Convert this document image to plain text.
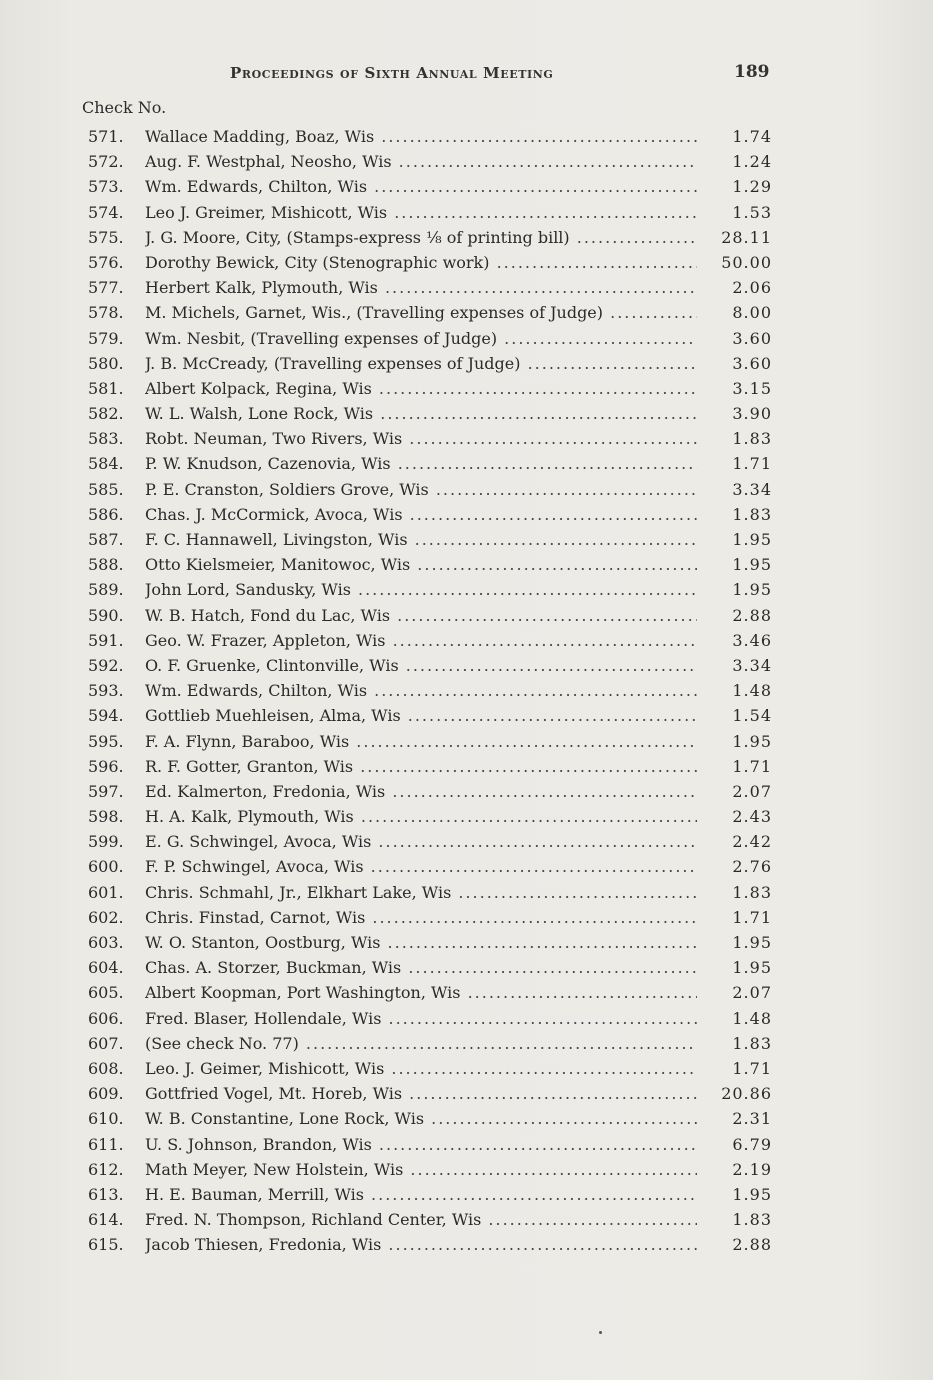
Proceedings of Sixth Annual Meeting	189
Check No.
571.	Wallace Madding, Boaz, Wis .....	1.74
572.	Aug. F. Westphal, Neosho, Wis .....	1.24
573.	Wm. Edwards, Chilton, Wis .....	1.29
574.	Leo J. Greimer, Mishicott, Wis .....	1.53
575.	J. G. Moore, City, (Stamps-express ⅛ of printing bill) .....	28.11
576.	Dorothy Bewick, City (Stenographic work) .....	50.00
577.	Herbert Kalk, Plymouth, Wis .....	2.06
578.	M. Michels, Garnet, Wis., (Travelling expenses of Judge) .....	8.00
579.	Wm. Nesbit, (Travelling expenses of Judge) .....	3.60
580.	J. B. McCready, (Travelling expenses of Judge) .....	3.60
581.	Albert Kolpack, Regina, Wis .....	3.15
582.	W. L. Walsh, Lone Rock, Wis .....	3.90
583.	Robt. Neuman, Two Rivers, Wis .....	1.83
584.	P. W. Knudson, Cazenovia, Wis .....	1.71
585.	P. E. Cranston, Soldiers Grove, Wis .....	3.34
586.	Chas. J. McCormick, Avoca, Wis .....	1.83
587.	F. C. Hannawell, Livingston, Wis .....	1.95
588.	Otto Kielsmeier, Manitowoc, Wis .....	1.95
589.	John Lord, Sandusky, Wis .....	1.95
590.	W. B. Hatch, Fond du Lac, Wis .....	2.88
591.	Geo. W. Frazer, Appleton, Wis .....	3.46
592.	O. F. Gruenke, Clintonville, Wis .....	3.34
593.	Wm. Edwards, Chilton, Wis .....	1.48
594.	Gottlieb Muehleisen, Alma, Wis .....	1.54
595.	F. A. Flynn, Baraboo, Wis .....	1.95
596.	R. F. Gotter, Granton, Wis .....	1.71
597.	Ed. Kalmerton, Fredonia, Wis .....	2.07
598.	H. A. Kalk, Plymouth, Wis .....	2.43
599.	E. G. Schwingel, Avoca, Wis .....	2.42
600.	F. P. Schwingel, Avoca, Wis .....	2.76
601.	Chris. Schmahl, Jr., Elkhart Lake, Wis .....	1.83
602.	Chris. Finstad, Carnot, Wis .....	1.71
603.	W. O. Stanton, Oostburg, Wis .....	1.95
604.	Chas. A. Storzer, Buckman, Wis .....	1.95
605.	Albert Koopman, Port Washington, Wis .....	2.07
606.	Fred. Blaser, Hollendale, Wis .....	1.48
607.	(See check No. 77) .....	1.83
608.	Leo. J. Geimer, Mishicott, Wis .....	1.71
609.	Gottfried Vogel, Mt. Horeb, Wis .....	20.86
610.	W. B. Constantine, Lone Rock, Wis .....	2.31
611.	U. S. Johnson, Brandon, Wis .....	6.79
612.	Math Meyer, New Holstein, Wis .....	2.19
613.	H. E. Bauman, Merrill, Wis .....	1.95
614.	Fred. N. Thompson, Richland Center, Wis .....	1.83
615.	Jacob Thiesen, Fredonia, Wis .....	2.88
